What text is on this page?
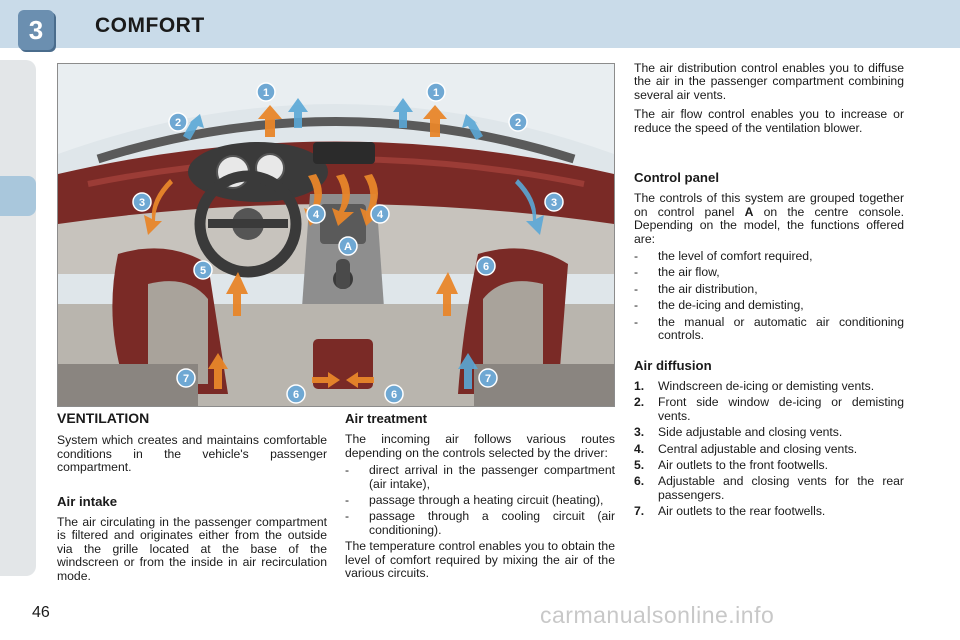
3	COMFORT
1	1
2	2
3	3
4	4
A
5	6
6	6
7	7
VENTILATION

System which creates and maintains comfortable conditions in the vehicle's passenger compartment.

Air intake

The air circulating in the passenger compartment is filtered and originates either from the outside via the grille located at the base of the windscreen or from the inside in air recirculation mode.

Air treatment

The incoming air follows various routes depending on the controls selected by the driver:

-	direct arrival in the passenger compartment (air intake),
-	passage through a heating circuit (heating),
-	passage through a cooling circuit (air conditioning).

The temperature control enables you to obtain the level of comfort required by mixing the air of the various circuits.

The air distribution control enables you to diffuse the air in the passenger compartment combining several air vents.

The air flow control enables you to increase or reduce the speed of the ventilation blower.

Control panel

The controls of this system are grouped together on control panel A on the centre console. Depending on the model, the functions offered are:

-	the level of comfort required,
-	the air flow,
-	the air distribution,
-	the de-icing and demisting,
-	the manual or automatic air conditioning controls.
Air diffusion
1.	Windscreen de-icing or demisting vents.
2.	Front side window de-icing or demisting vents.
3.	Side adjustable and closing vents.
4.	Central adjustable and closing vents.
5.	Air outlets to the front footwells.
6.	Adjustable and closing vents for the rear passengers.
7.	Air outlets to the rear footwells.
46	carmanualsonline.info
